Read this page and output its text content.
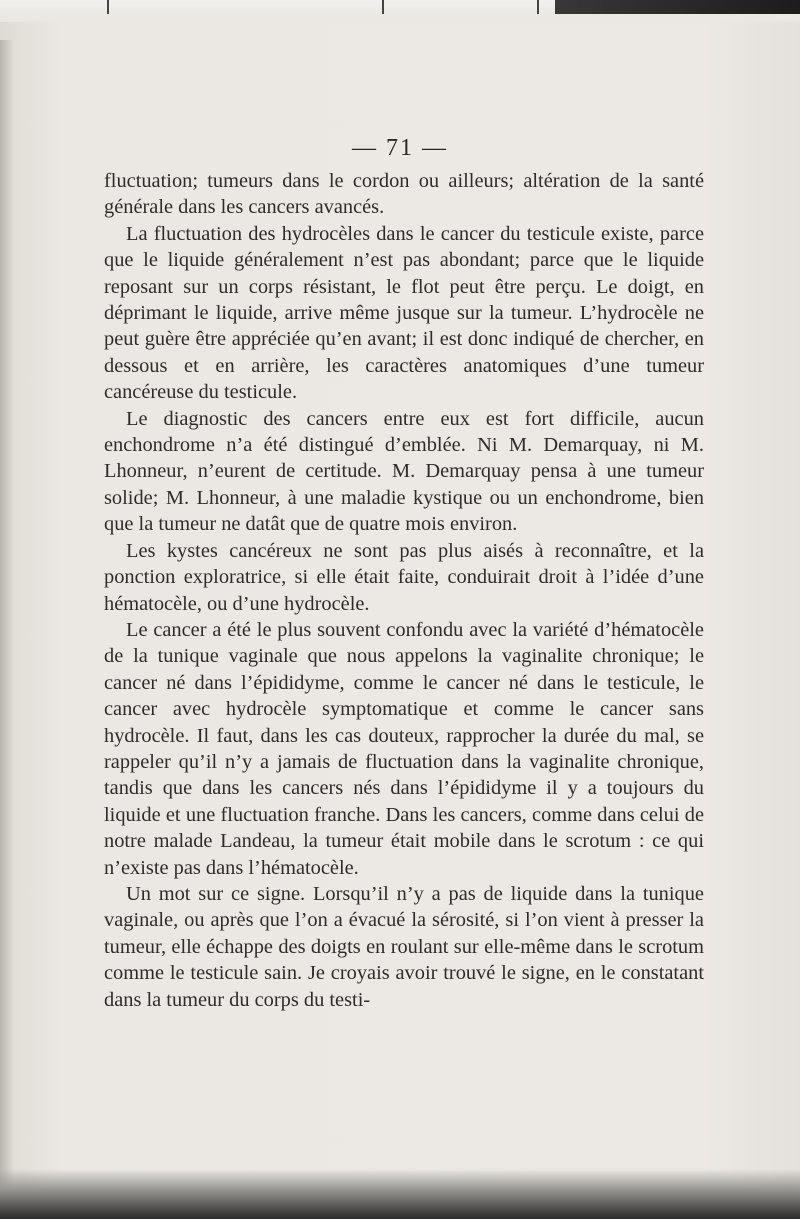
— 71 —

fluctuation; tumeurs dans le cordon ou ailleurs; altération de la santé générale dans les cancers avancés.

La fluctuation des hydrocèles dans le cancer du testicule existe, parce que le liquide généralement n’est pas abondant; parce que le liquide reposant sur un corps résistant, le flot peut être perçu. Le doigt, en déprimant le liquide, arrive même jusque sur la tumeur. L’hydrocèle ne peut guère être appréciée qu’en avant; il est donc indiqué de chercher, en dessous et en arrière, les caractères anatomiques d’une tumeur cancéreuse du testicule.

Le diagnostic des cancers entre eux est fort difficile, aucun enchondrome n’a été distingué d’emblée. Ni M. Demarquay, ni M. Lhonneur, n’eurent de certitude. M. Demarquay pensa à une tumeur solide; M. Lhonneur, à une maladie kystique ou un enchondrome, bien que la tumeur ne datât que de quatre mois environ.

Les kystes cancéreux ne sont pas plus aisés à reconnaître, et la ponction exploratrice, si elle était faite, conduirait droit à l’idée d’une hématocèle, ou d’une hydrocèle.

Le cancer a été le plus souvent confondu avec la variété d’hématocèle de la tunique vaginale que nous appelons la vaginalite chronique; le cancer né dans l’épididyme, comme le cancer né dans le testicule, le cancer avec hydrocèle symptomatique et comme le cancer sans hydrocèle. Il faut, dans les cas douteux, rapprocher la durée du mal, se rappeler qu’il n’y a jamais de fluctuation dans la vaginalite chronique, tandis que dans les cancers nés dans l’épididyme il y a toujours du liquide et une fluctuation franche. Dans les cancers, comme dans celui de notre malade Landeau, la tumeur était mobile dans le scrotum : ce qui n’existe pas dans l’hématocèle.

Un mot sur ce signe. Lorsqu’il n’y a pas de liquide dans la tunique vaginale, ou après que l’on a évacué la sérosité, si l’on vient à presser la tumeur, elle échappe des doigts en roulant sur elle-même dans le scrotum comme le testicule sain. Je croyais avoir trouvé le signe, en le constatant dans la tumeur du corps du testi-
